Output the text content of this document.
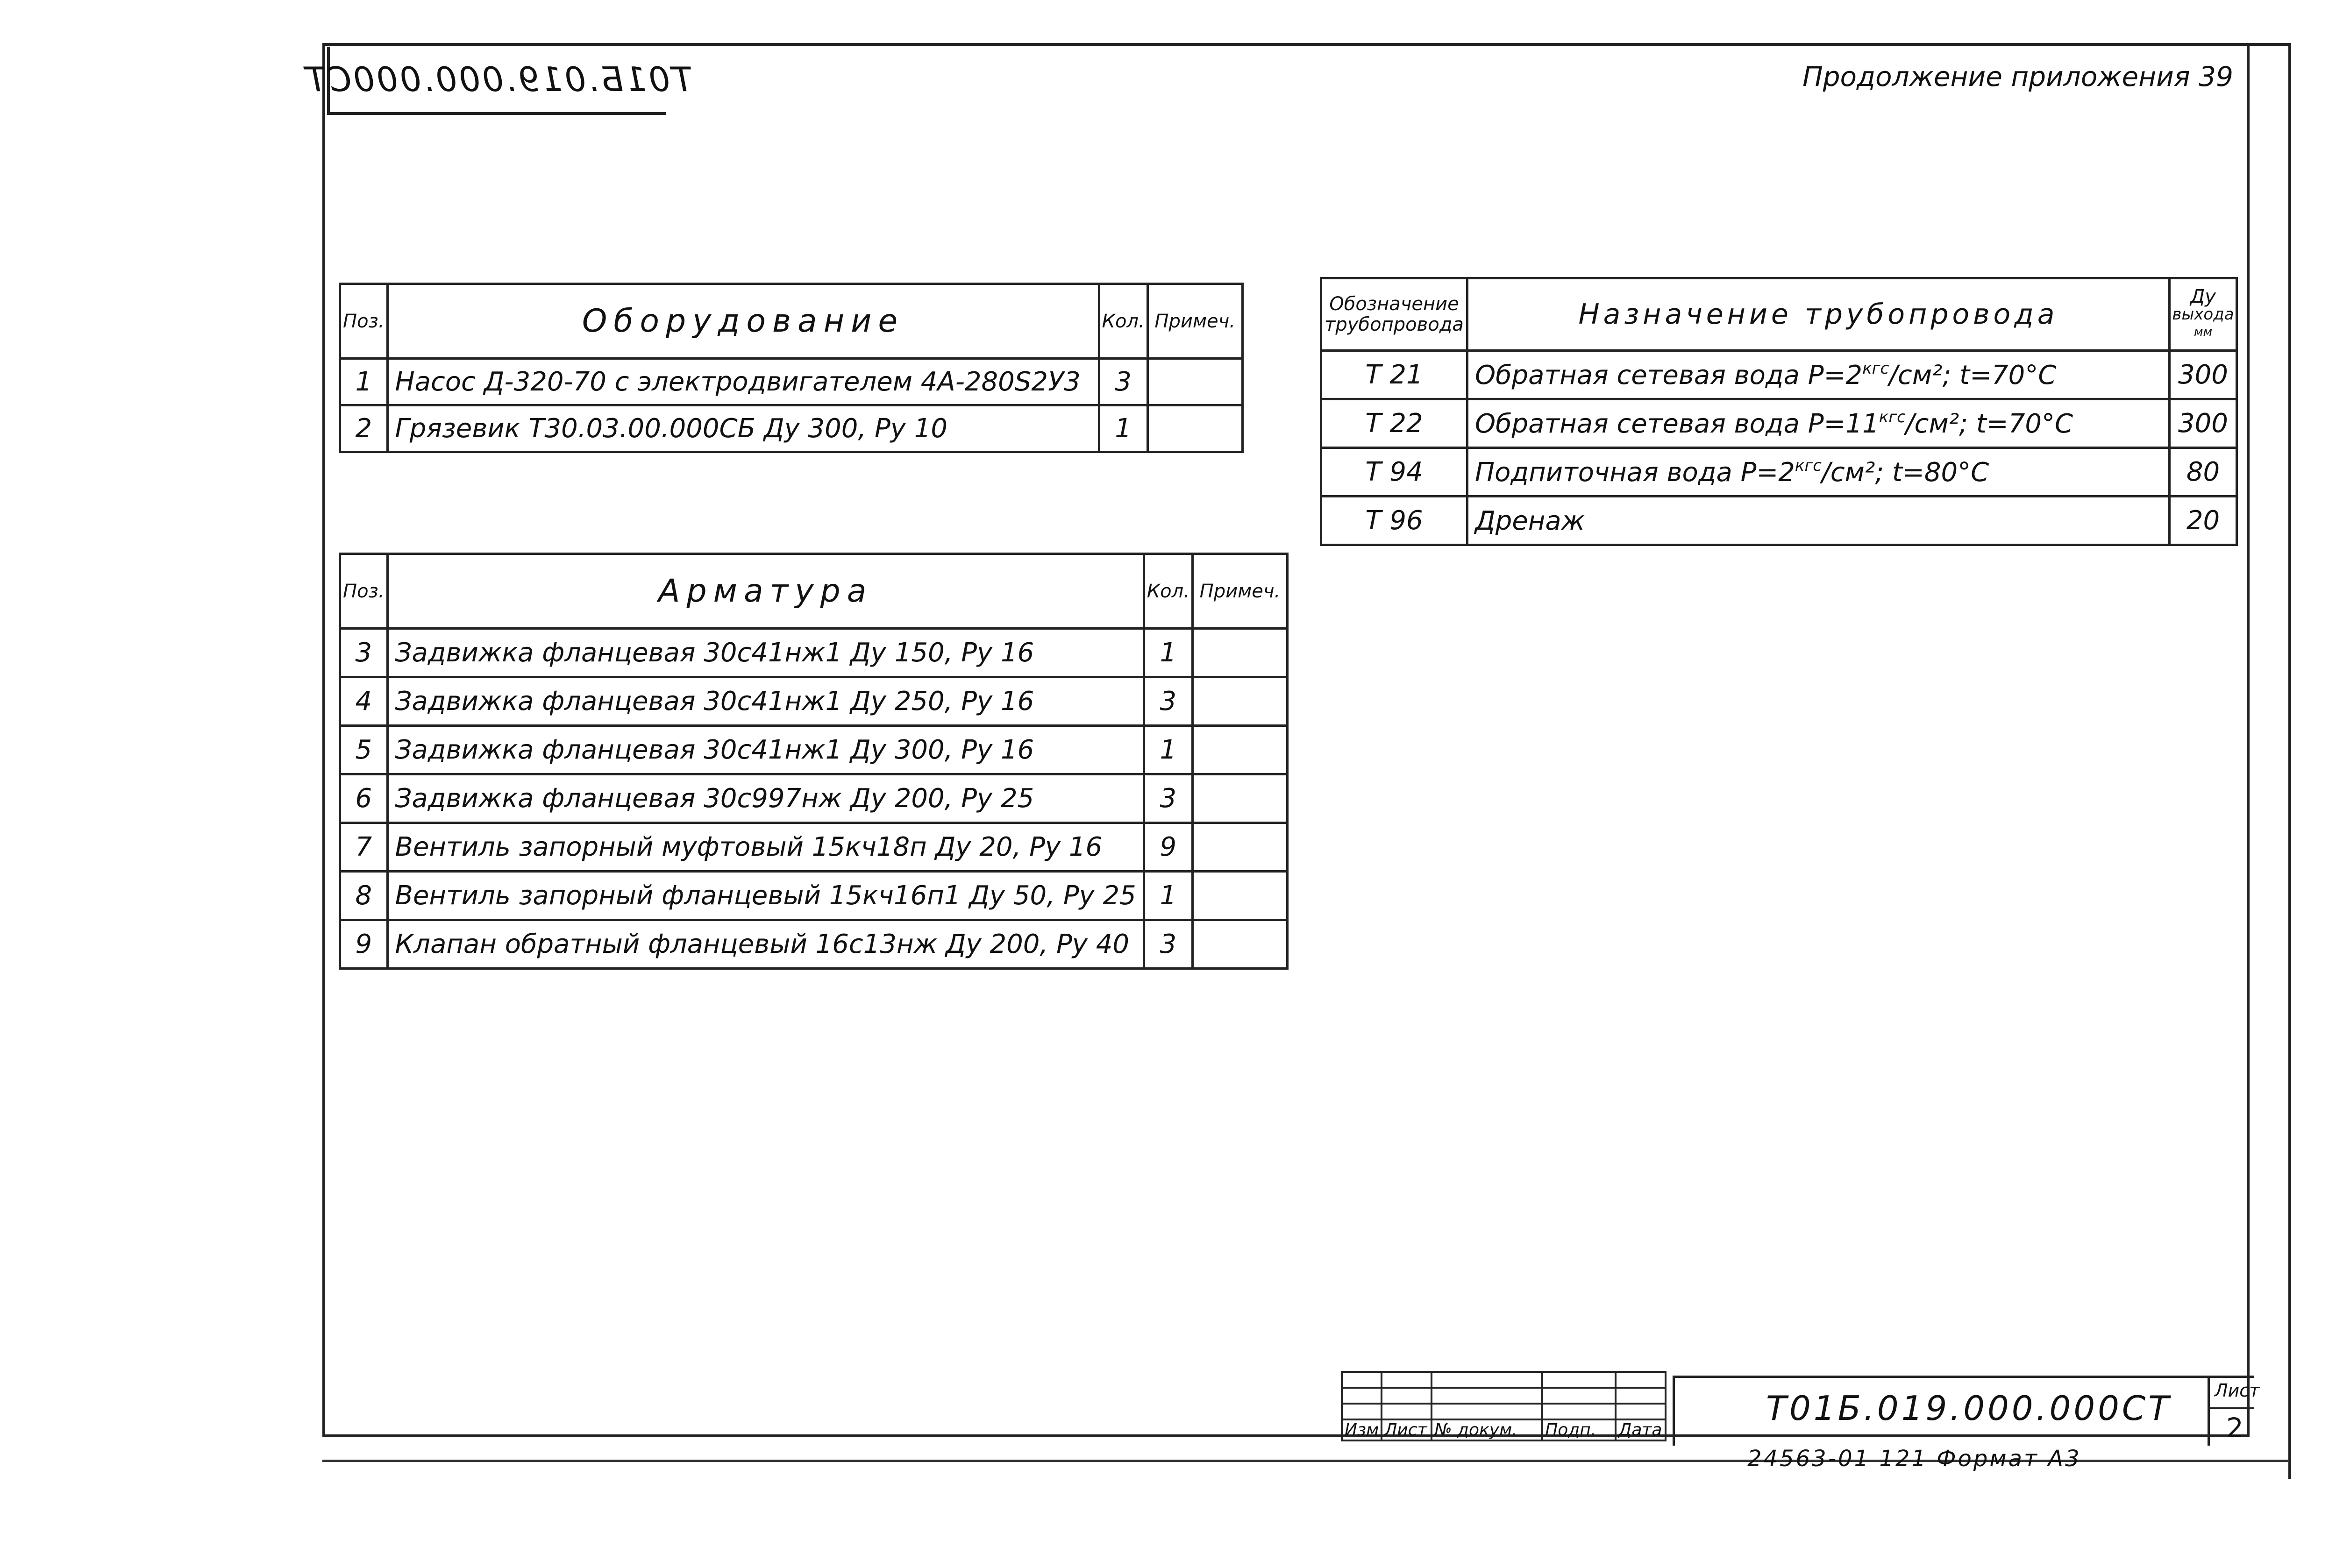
Т01Б.019.000.000СТ	Продолжение приложения 39
Поз.	Оборудование	Кол.	Примеч.
1	Насос Д-320-70 с электродвигателем 4А-280S2У3	3	
2	Грязевик Т30.03.00.000СБ Ду 300, Ру 10	1	
Поз.	Арматура	Кол.	Примеч.
3	Задвижка фланцевая 30с41нж1 Ду 150, Ру 16	1	
4	Задвижка фланцевая 30с41нж1 Ду 250, Ру 16	3	
5	Задвижка фланцевая 30с41нж1 Ду 300, Ру 16	1	
6	Задвижка фланцевая 30с997нж Ду 200, Ру 25	3	
7	Вентиль запорный муфтовый 15кч18п Ду 20, Ру 16	9	
8	Вентиль запорный фланцевый 15кч16п1 Ду 50, Ру 25	1	
9	Клапан обратный фланцевый 16с13нж Ду 200, Ру 40	3	
Обозначение трубопровода	Назначение трубопровода	Ду
выхода
мм

Т 21	Обратная сетевая вода $P=2^{кгс}$/см²; t=70°С	300
Т 22	Обратная сетевая вода $P=11^{кгс}$/см²; t=70°С	300
Т 94	Подпиточная вода $P=2^{кгс}$/см²; t=80°С	80
Т 96	Дренаж	20

Изм	Лист	№ докум.	Подп.	Дата
Т01Б.019.000.000СТ Лист
2
24563-01 121 Формат А3
